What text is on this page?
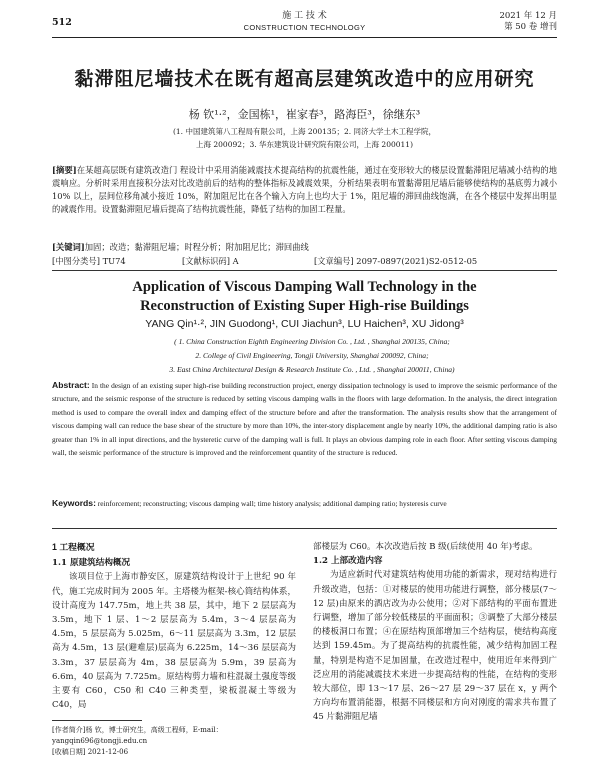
512
施 工 技 术
CONSTRUCTION TECHNOLOGY
2021 年 12 月
第 50 卷 增刊
黏滞阻尼墙技术在既有超高层建筑改造中的应用研究
杨 钦¹·²，金国栋¹，崔家春³，路海臣³，徐继东³
(1. 中国建筑第八工程局有限公司，上海 200135；2. 同济大学土木工程学院，
上海 200092；3. 华东建筑设计研究院有限公司，上海 200011)
[摘要]在某超高层既有建筑改造门 程设计中采用消能减震技术提高结构的抗震性能，通过在变形较大的楼层设置黏滞阻尼墙减小结构的地震响应。分析时采用直接积分法对比改造前后的结构的整体指标及减震效果，分析结果表明布置黏滞阻尼墙后能够使结构的基底剪力减小 10% 以上，层间位移角减小接近 10%，附加阻尼比在各个输入方向上也均大于 1%，阻尼墙的滞回曲线饱满，在各个楼层中发挥出明显的减震作用。设置黏滞阻尼墙后提高了结构抗震性能，降低了结构的加固工程量。
[关键词]加固；改造；黏滞阻尼墙；时程分析；附加阻尼比；滞回曲线
[中图分类号] TU74	[文献标识码] A	[文章编号] 2097-0897(2021)S2-0512-05
Application of Viscous Damping Wall Technology in the
Reconstruction of Existing Super High-rise Buildings
YANG Qin¹·², JIN Guodong¹, CUI Jiachun³, LU Haichen³, XU Jidong³
( 1. China Construction Eighth Engineering Division Co. , Ltd. , Shanghai 200135, China;
2. College of Civil Engineering, Tongji University, Shanghai 200092, China;
3. East China Architectural Design & Research Institute Co. , Ltd. , Shanghai 200011, China)
Abstract: In the design of an existing super high-rise building reconstruction project, energy dissipation technology is used to improve the seismic performance of the structure, and the seismic response of the structure is reduced by setting viscous damping walls in the floors with large deformation. In the analysis, the direct integration method is used to compare the overall index and damping effect of the structure before and after the transformation. The analysis results show that the arrangement of viscous damping wall can reduce the base shear of the structure by more than 10%, the inter-story displacement angle by nearly 10%, the additional damping ratio is also greater than 1% in all input directions, and the hysteretic curve of the damping wall is full. It plays an obvious damping role in each floor. After setting viscous damping wall, the seismic performance of the structure is improved and the reinforcement quantity of the structure is reduced.
Keywords: reinforcement; reconstructing; viscous damping wall; time history analysis; additional damping ratio; hysteresis curve
1 工程概况
1.1 原建筑结构概况
该项目位于上海市静安区，原建筑结构设计于上世纪 90 年代，施工完成时间为 2005 年。主塔楼为框架-核心筒结构体系，设计高度为 147.75m，地上共 38 层，其中，地下 2 层层高为 3.5m，地下 1 层、1～2 层层高为 5.4m，3～4 层层高为 4.5m，5 层层高为 5.025m，6～11 层层高为 3.3m，12 层层高为 4.5m，13 层(避难层)层高为 6.225m，14～36 层层高为 3.3m，37 层层高为 4m，38 层层高为 5.9m，39 层高为 6.6m，40 层高为 7.725m。原结构剪力墙和柱混凝土强度等级主要有 C60，C50 和 C40 三种类型，梁板混凝土等级为 C40，局
部楼层为 C60。本次改造后按 B 级(后续使用 40 年)考虑。
1.2 上部改造内容
为适应新时代对建筑结构使用功能的新需求，现对结构进行升级改造，包括：①对楼层的使用功能进行调整，部分楼层(7～12 层)由原来的酒店改为办公使用；②对下部结构的平面布置进行调整，增加了部分较低楼层的平面面积；③调整了大部分楼层的楼板洞口布置；④在原结构顶部增加三个结构层，使结构高度达到 159.45m。为了提高结构的抗震性能，减少结构加固工程量，特别是构造不足加固量，在改造过程中，使用近年来得到广泛应用的消能减震技术来进一步提高结构的性能，在结构的变形较大部位，即 13～17 层、26～27 层 29～37 层在 x，y 两个方向均布置消能器，根据不同楼层和方向对刚度的需求共布置了 45 片黏滞阻尼墙
[作者简介]杨 钦，博士研究生，高级工程师，E-mail：yangqin696@tongji.edu.cn
[收稿日期] 2021-12-06
